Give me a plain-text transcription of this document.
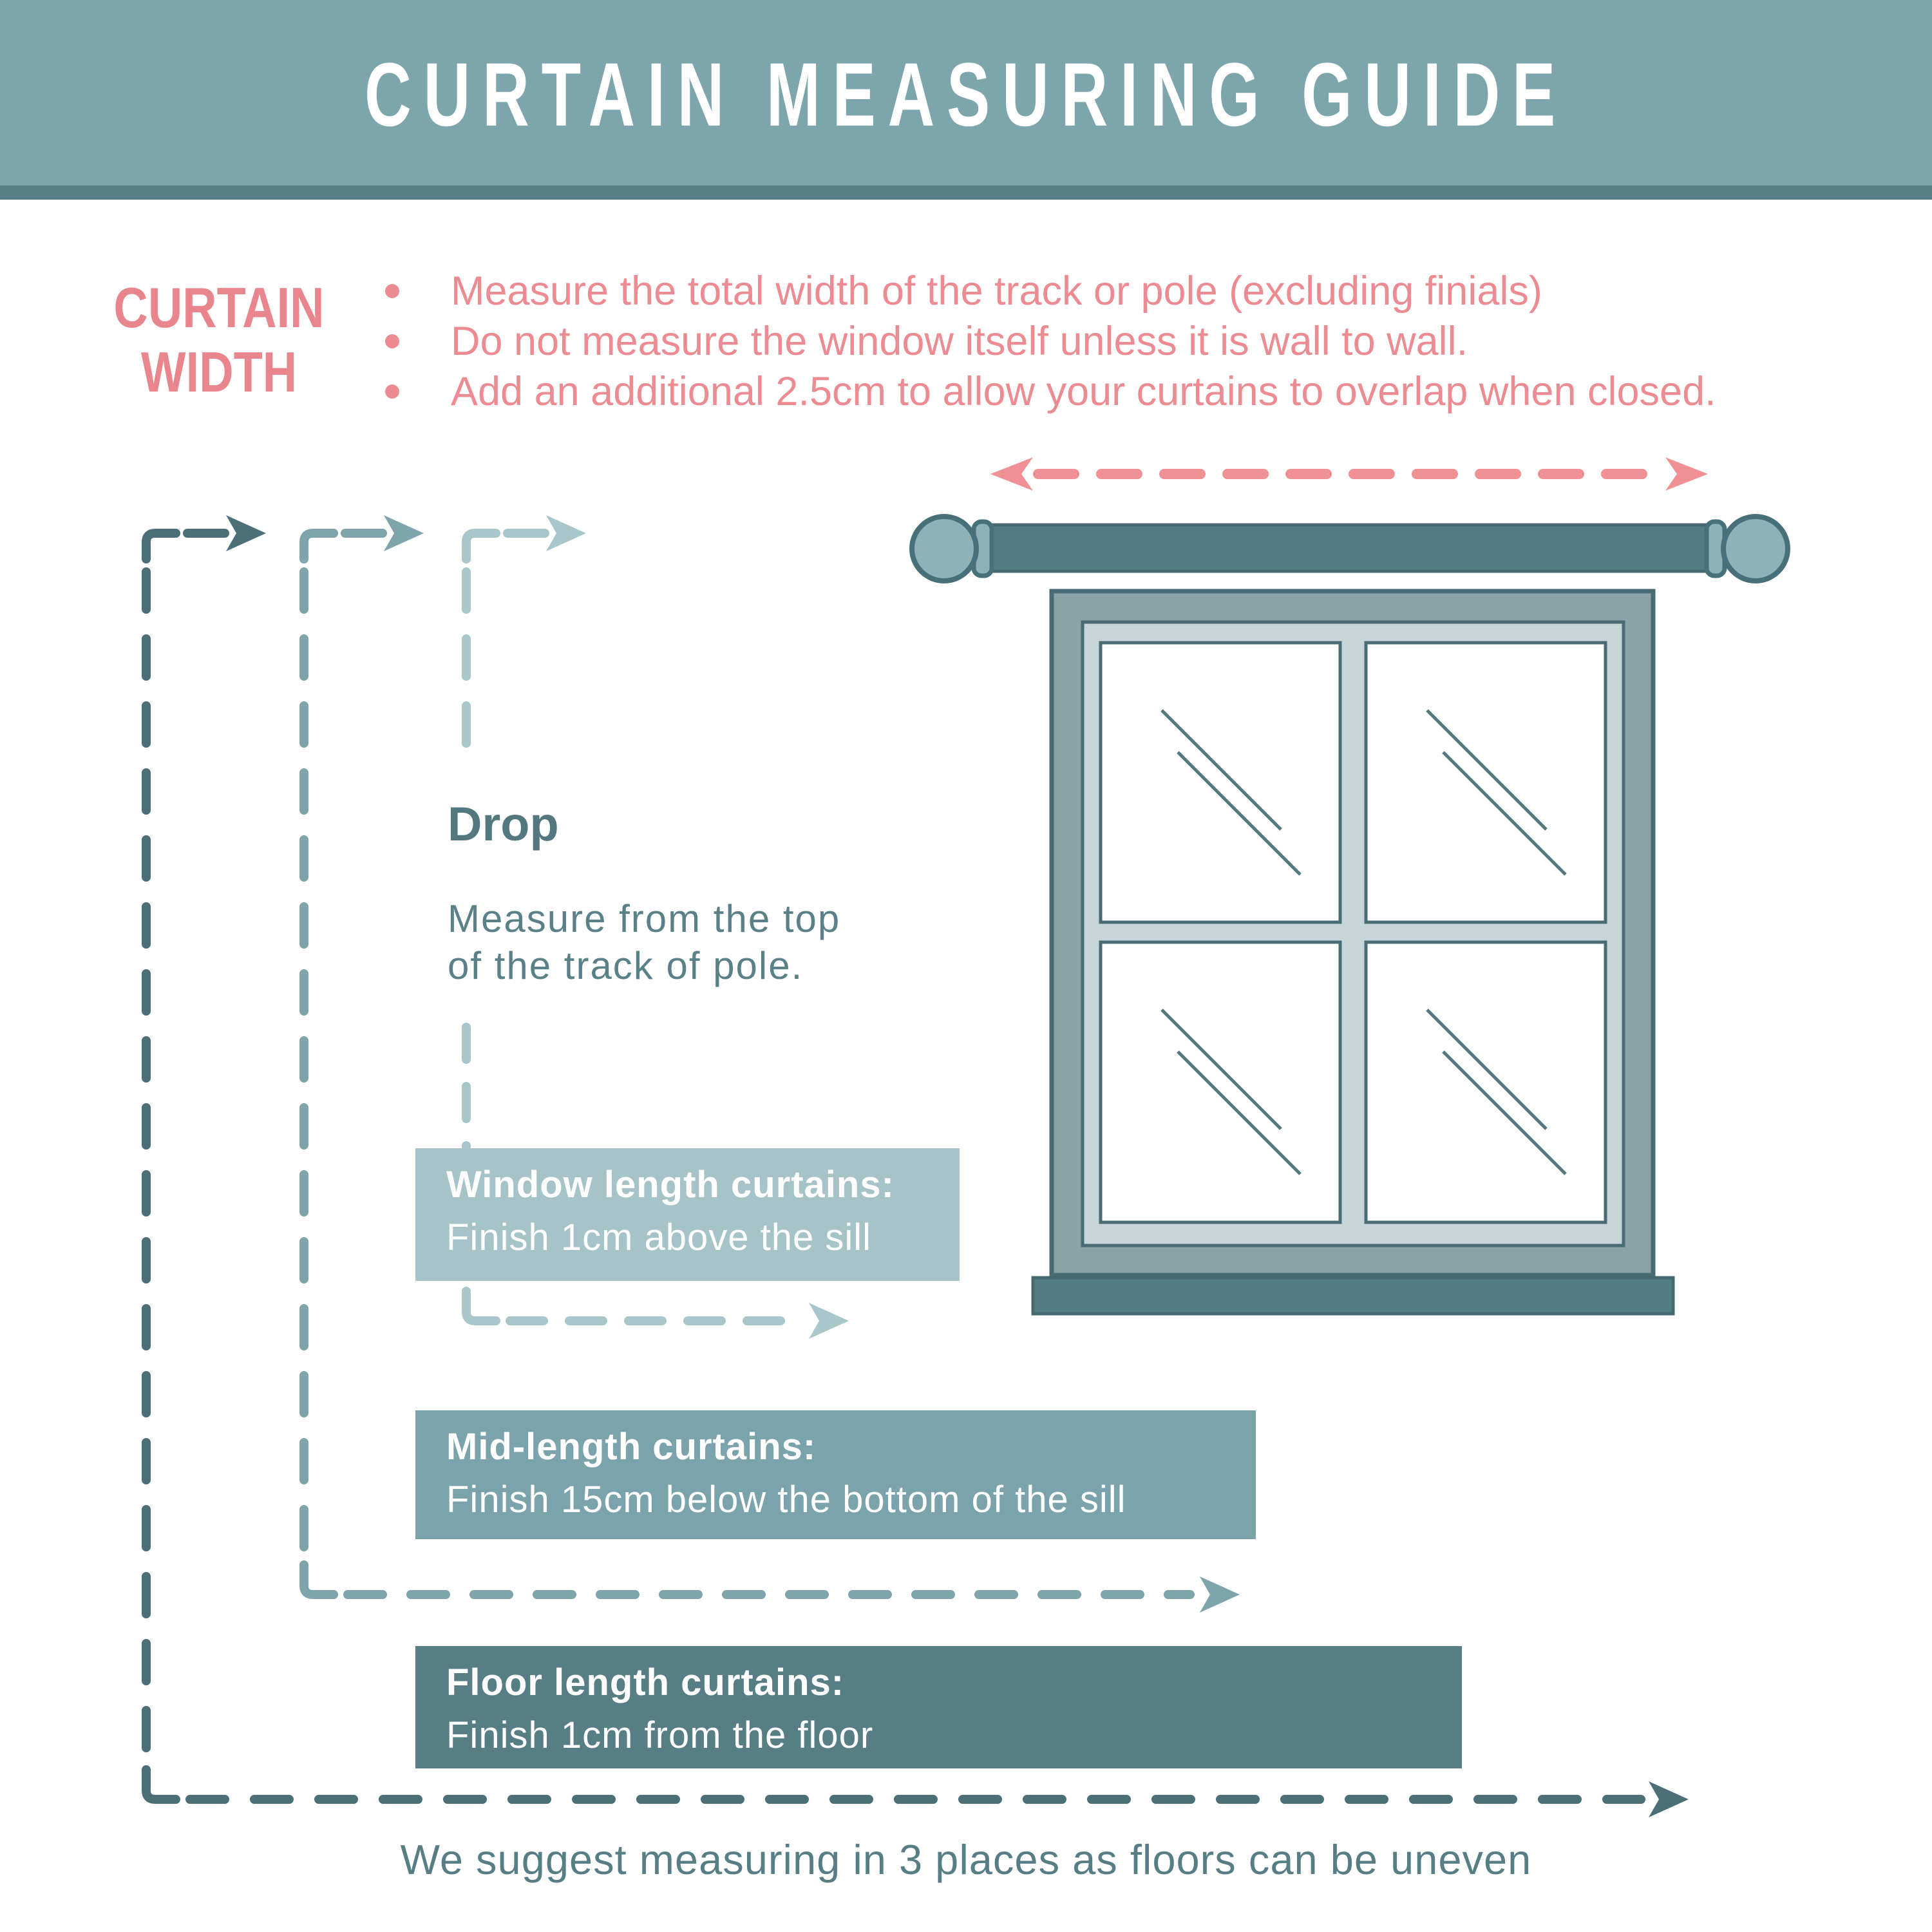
CURTAIN MEASURING GUIDE
CURTAIN
WIDTH
Measure the total width of the track or pole (excluding finials)
Do not measure the window itself unless it is wall to wall.
Add an additional 2.5cm to allow your curtains to overlap when closed.
Drop
Measure from the top
of the track of pole.
Window length curtains:
Finish 1cm above the sill
Mid-length curtains:
Finish 15cm below the bottom of the sill
Floor length curtains:
Finish 1cm from the floor
We suggest measuring in 3 places as floors can be uneven
